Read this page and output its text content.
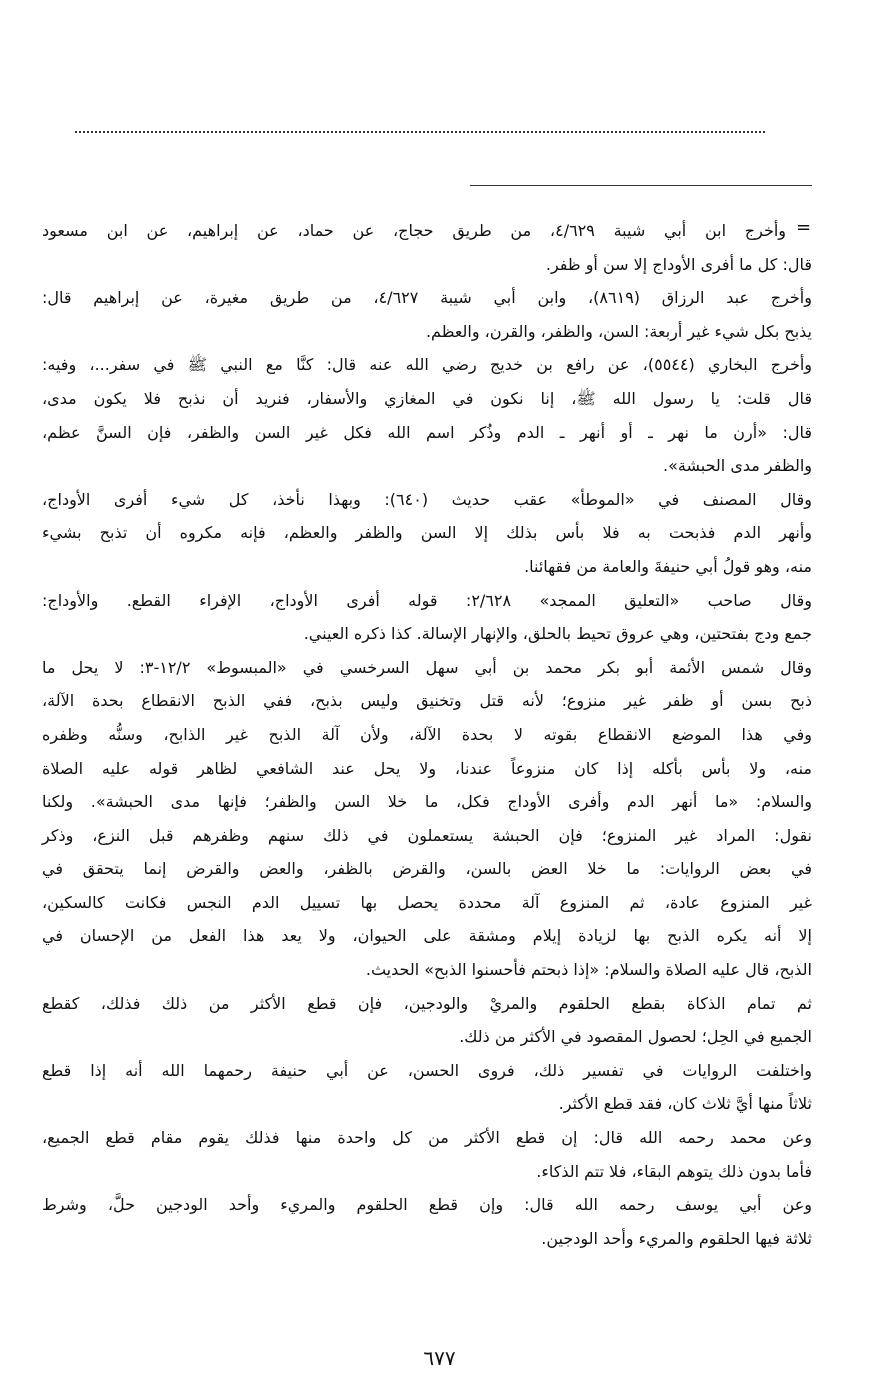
=
وأخرج ابن أبي شيبة ٤/٦٢٩، من طريق حجاج، عن حماد، عن إبراهيم، عن ابن مسعود
قال: كل ما أفرى الأوداج إلا سن أو ظفر.
وأخرج عبد الرزاق (٨٦١٩)، وابن أبي شيبة ٤/٦٢٧، من طريق مغيرة، عن إبراهيم قال:
يذبح بكل شيء غير أربعة: السن، والظفر، والقرن، والعظم.
وأخرج البخاري (٥٥٤٤)، عن رافع بن خديج رضي الله عنه قال: كنَّا مع النبي ﷺ في سفر...، وفيه:
قال قلت: يا رسول الله ﷺ، إنا نكون في المغازي والأسفار، فنريد أن نذبح فلا يكون مدى،
قال: «أرن ما نهر ـ أو أنهر ـ الدم وذُكر اسم الله فكل غير السن والظفر، فإن السنَّ عظم،
والظفر مدى الحبشة».
وقال المصنف في «الموطأ» عقب حديث (٦٤٠): وبهذا نأخذ، كل شيء أفرى الأوداج،
وأنهر الدم فذبحت به فلا بأس بذلك إلا السن والظفر والعظم، فإنه مكروه أن تذبح بشيء
منه، وهو قولُ أبي حنيفةَ والعامة من فقهائنا.
وقال صاحب «التعليق الممجد» ٢/٦٢٨: قوله أفرى الأوداج، الإفراء القطع. والأوداج:
جمع ودج بفتحتين، وهي عروق تحيط بالحلق، والإنهار الإسالة. كذا ذكره العيني.
وقال شمس الأئمة أبو بكر محمد بن أبي سهل السرخسي في «المبسوط» ١٢/٢-٣: لا يحل ما
ذبح بسن أو ظفر غير منزوع؛ لأنه قتل وتخنيق وليس بذبح، ففي الذبح الانقطاع بحدة الآلة،
وفي هذا الموضع الانقطاع بقوته لا بحدة الآلة، ولأن آلة الذبح غير الذابح، وسنُّه وظفره
منه، ولا بأس بأكله إذا كان منزوعاً عندنا، ولا يحل عند الشافعي لظاهر قوله عليه الصلاة
والسلام: «ما أنهر الدم وأفرى الأوداج فكل، ما خلا السن والظفر؛ فإنها مدى الحبشة». ولكنا
نقول: المراد غير المنزوع؛ فإن الحبشة يستعملون في ذلك سنهم وظفرهم قبل النزع، وذكر
في بعض الروايات: ما خلا العض بالسن، والقرض بالظفر، والعض والقرض إنما يتحقق في
غير المنزوع عادة، ثم المنزوع آلة محددة يحصل بها تسييل الدم النجس فكانت كالسكين،
إلا أنه يكره الذبح بها لزيادة إيلام ومشقة على الحيوان، ولا يعد هذا الفعل من الإحسان في
الذبح، قال عليه الصلاة والسلام: «إذا ذبحتم فأحسنوا الذبح» الحديث.
ثم تمام الذكاة بقطع الحلقوم والمريْ والودجين، فإن قطع الأكثر من ذلك فذلك، كقطع
الجميع في الحِل؛ لحصول المقصود في الأكثر من ذلك.
واختلفت الروايات في تفسير ذلك، فروى الحسن، عن أبي حنيفة رحمهما الله أنه إذا قطع
ثلاثاً منها أيَّ ثلاث كان، فقد قطع الأكثر.
وعن محمد رحمه الله قال: إن قطع الأكثر من كل واحدة منها فذلك يقوم مقام قطع الجميع،
فأما بدون ذلك يتوهم البقاء، فلا تتم الذكاء.
وعن أبي يوسف رحمه الله قال: وإن قطع الحلقوم والمريء وأحد الودجين حلَّ، وشرط
ثلاثة فيها الحلقوم والمريء وأحد الودجين.
٦٧٧
